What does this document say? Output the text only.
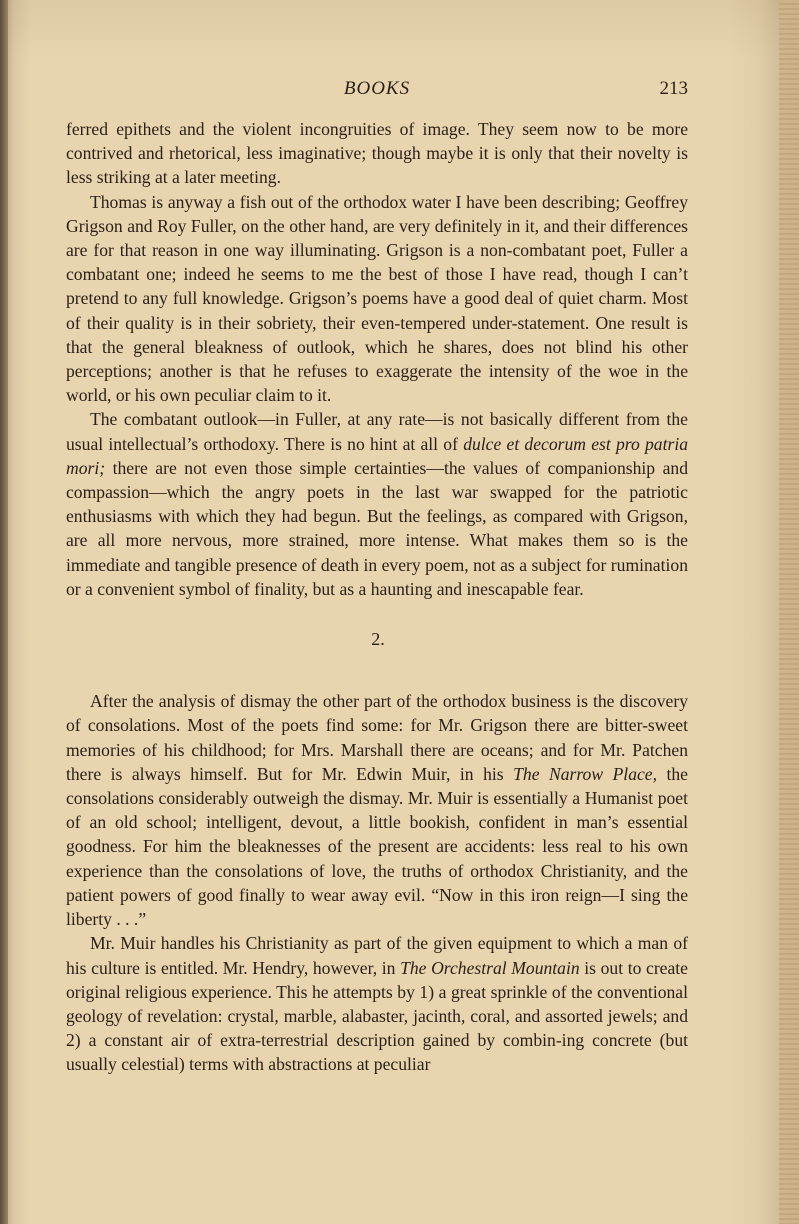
BOOKS	213

ferred epithets and the violent incongruities of image. They seem now to be more contrived and rhetorical, less imaginative; though maybe it is only that their novelty is less striking at a later meeting.

Thomas is anyway a fish out of the orthodox water I have been describing; Geoffrey Grigson and Roy Fuller, on the other hand, are very definitely in it, and their differences are for that reason in one way illuminating. Grigson is a non-combatant poet, Fuller a combatant one; indeed he seems to me the best of those I have read, though I can’t pretend to any full knowledge. Grigson’s poems have a good deal of quiet charm. Most of their quality is in their sobriety, their even-tempered under-statement. One result is that the general bleakness of outlook, which he shares, does not blind his other perceptions; another is that he refuses to exaggerate the intensity of the woe in the world, or his own peculiar claim to it.

The combatant outlook—in Fuller, at any rate—is not basically different from the usual intellectual’s orthodoxy. There is no hint at all of dulce et decorum est pro patria mori; there are not even those simple certainties—the values of companionship and compassion—which the angry poets in the last war swapped for the patriotic enthusiasms with which they had begun. But the feelings, as compared with Grigson, are all more nervous, more strained, more intense. What makes them so is the immediate and tangible presence of death in every poem, not as a subject for rumination or a convenient symbol of finality, but as a haunting and inescapable fear.

2.

After the analysis of dismay the other part of the orthodox business is the discovery of consolations. Most of the poets find some: for Mr. Grigson there are bitter-sweet memories of his childhood; for Mrs. Marshall there are oceans; and for Mr. Patchen there is always himself. But for Mr. Edwin Muir, in his The Narrow Place, the consolations considerably outweigh the dismay. Mr. Muir is essentially a Humanist poet of an old school; intelligent, devout, a little bookish, confident in man’s essential goodness. For him the bleaknesses of the present are accidents: less real to his own experience than the consolations of love, the truths of orthodox Christianity, and the patient powers of good finally to wear away evil. “Now in this iron reign—I sing the liberty . . .”

Mr. Muir handles his Christianity as part of the given equipment to which a man of his culture is entitled. Mr. Hendry, however, in The Orchestral Mountain is out to create original religious experience. This he attempts by 1) a great sprinkle of the conventional geology of revelation: crystal, marble, alabaster, jacinth, coral, and assorted jewels; and 2) a constant air of extra-terrestrial description gained by combin-ing concrete (but usually celestial) terms with abstractions at peculiar
